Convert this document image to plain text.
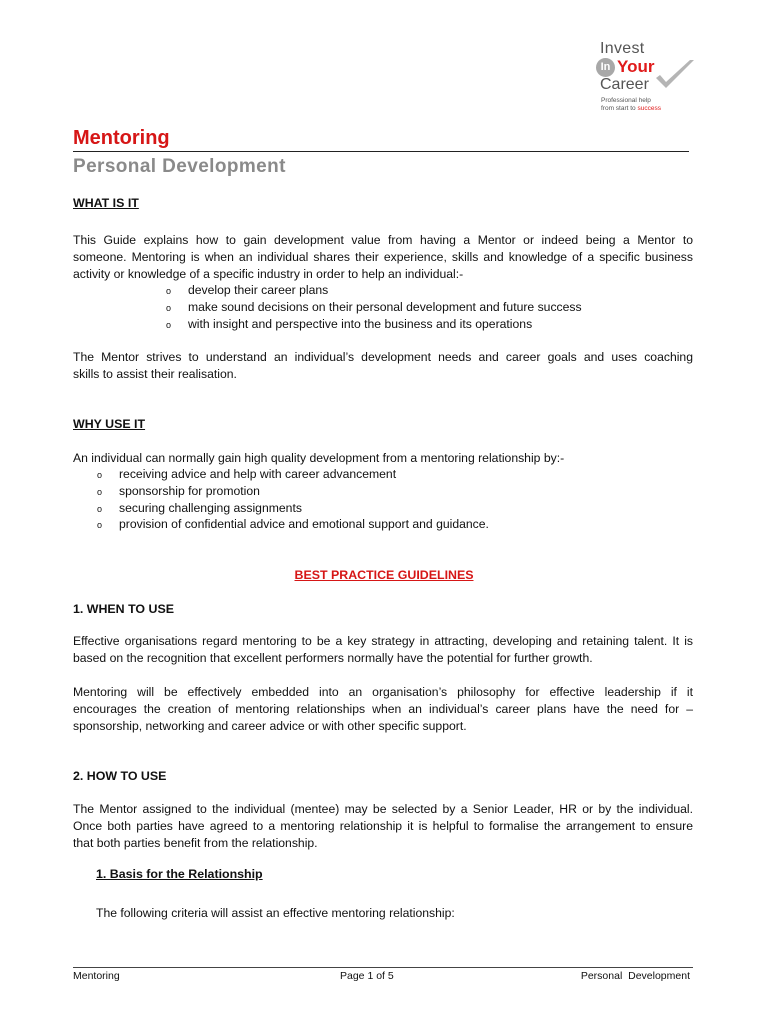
Invest
In Your
Career
Professional help
from start to success
Mentoring
Personal Development
WHAT IS IT
This Guide explains how to gain development value from having a Mentor or indeed being a Mentor to
someone. Mentoring is when an individual shares their experience, skills and knowledge of a specific business
activity or knowledge of a specific industry in order to help an individual:-
o develop their career plans
o make sound decisions on their personal development and future success
o with insight and perspective into the business and its operations
The Mentor strives to understand an individual’s development needs and career goals and uses coaching
skills to assist their realisation.
WHY USE IT
An individual can normally gain high quality development from a mentoring relationship by:-
o receiving advice and help with career advancement
o sponsorship for promotion
o securing challenging assignments
o provision of confidential advice and emotional support and guidance.
BEST PRACTICE GUIDELINES
1. WHEN TO USE
Effective organisations regard mentoring to be a key strategy in attracting, developing and retaining talent. It is
based on the recognition that excellent performers normally have the potential for further growth.
Mentoring will be effectively embedded into an organisation’s philosophy for effective leadership if it
encourages the creation of mentoring relationships when an individual’s career plans have the need for –
sponsorship, networking and career advice or with other specific support.
2. HOW TO USE
The Mentor assigned to the individual (mentee) may be selected by a Senior Leader, HR or by the individual.
Once both parties have agreed to a mentoring relationship it is helpful to formalise the arrangement to ensure
that both parties benefit from the relationship.
1. Basis for the Relationship
The following criteria will assist an effective mentoring relationship:
Mentoring	Page 1 of 5	Personal  Development
